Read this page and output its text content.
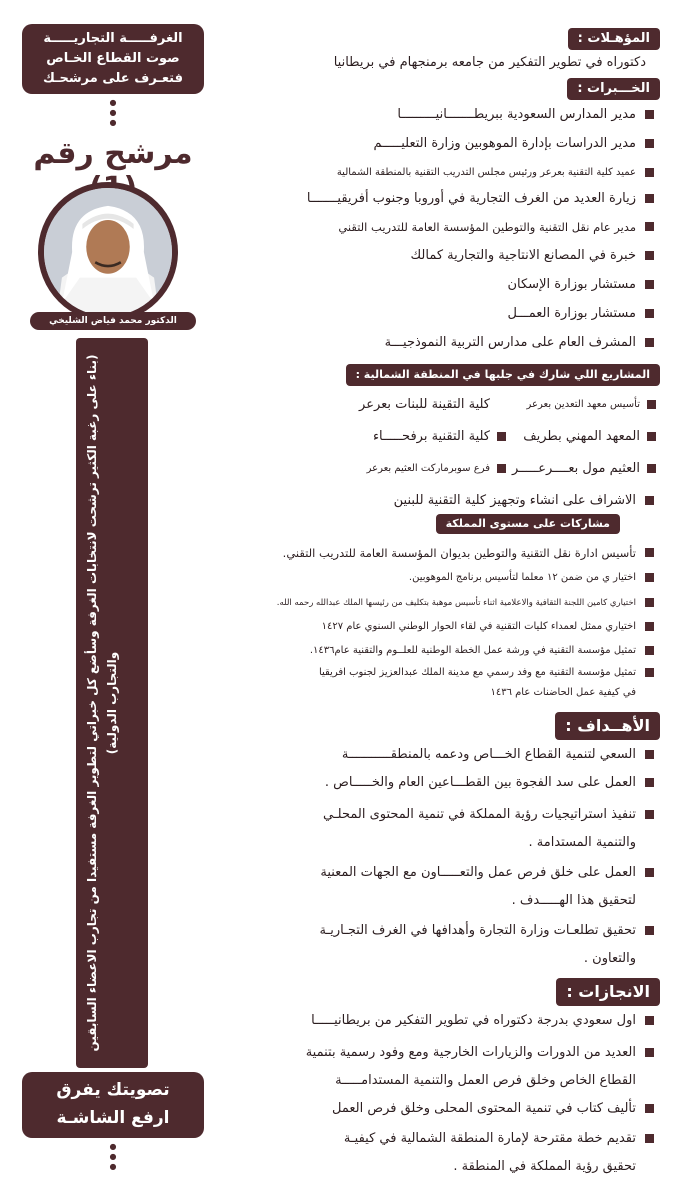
الغرفـــــة التجاريـــــة
صوت القطاع الخـاص
فتعـرف على مرشحـك
●
●
●
مرشح رقم
الدكتور محمد فياض الشليخي
(بناء على رغبة الكثير ترشحت لانتخابات الغرفة وسأضع كل خبراتي لتطوير الغرفة مستفيدا من تجارب الاعضاء السابقين والتجارب الدولية)
تصويتك يفرق
ارفع الشاشـة
●
●
●
المؤهـلات :
دكتوراه في تطوير التفكير من جامعه برمنجهام في بريطانيا
الخـــبرات :
مدير المدارس السعودية ببريطـــــــانيـــــــــا
مدير الدراسات بإدارة الموهوبين وزارة التعليـــــم
عميد كلية التقنية بعرعر ورئيس مجلس التدريب التقنية بالمنطقة الشمالية
زيارة العديد من الغرف التجارية في أوروبا وجنوب أفريقيـــــــا
مدير عام نقل التقنية والتوطين المؤسسة العامة للتدريب التقني
خبرة في المصانع الانتاجية والتجارية كمالك
مستشار بوزارة الإسكان
مستشار بوزارة العمـــل
المشرف العام على مدارس التربية النموذجيـــة
المشاريع اللي شارك في جلبها في المنطقة الشمالية :
تأسيس معهد التعدين بعرعر
كلية التقينة للبنات بعرعر
المعهد المهني بطريف
كلية التقنية برفحـــــاء
العثيم مول بعــــرعـــــر
فرع سوبرماركت العثيم بعرعر
الاشراف على انشاء وتجهيز كلية التقنية للبنين
مشاركات على مستوى المملكة
تأسيس ادارة نقل التقنية والتوطين بديوان المؤسسة العامة للتدريب التقني.
اختيار ي من ضمن ١٢ معلما لتأسيس برنامج الموهوبين.
اختياري كامين اللجنة الثقافية والاعلامية اثناء تأسيس موهبة بتكليف من رئيسها الملك عبدالله رحمه الله.
اختياري ممثل لعمداء كليات التقنية في لقاء الحوار الوطني السنوي عام ١٤٢٧
تمثيل مؤسسة التقنية في ورشة عمل الخطة الوطنية للعلــوم والتقنية عام١٤٣٦.
تمثيل مؤسسة التقنية مع وفد رسمي مع مدينة الملك عبدالعزيز لجنوب افريقيا
في كيفية عمل الحاضنات عام ١٤٣٦
الأهــداف :
السعي لتنمية القطاع الخـــاص ودعمه بالمنطقـــــــــــة
العمل على سد الفجوة بين القطـــاعين العام والخـــــاص .
تنفيذ استراتيجيات رؤية المملكة في تنمية المحتوى المحلـي
والتنمية المستدامة .
العمل على خلق فرص عمل والتعـــــاون مع الجهات المعنية
لتحقيق هذا الهـــــدف .
تحقيق تطلعـات وزارة التجارة وأهدافها في الغرف التجـاريـة
والتعاون .
الانجازات :
اول سعودي بدرجة دكتوراه في تطوير التفكير من بريطانيـــــا
العديد من الدورات والزيارات الخارجية ومع وفود رسمية بتنمية
القطاع الخاص وخلق فرص العمل والتنمية المستدامـــــة
تأليف كتاب في تنمية المحتوى المحلى وخلق فرص العمل
تقديم خطة مقترحة لإمارة المنطقة الشمالية في كيفيـة
تحقيق رؤية المملكة في المنطقة .
